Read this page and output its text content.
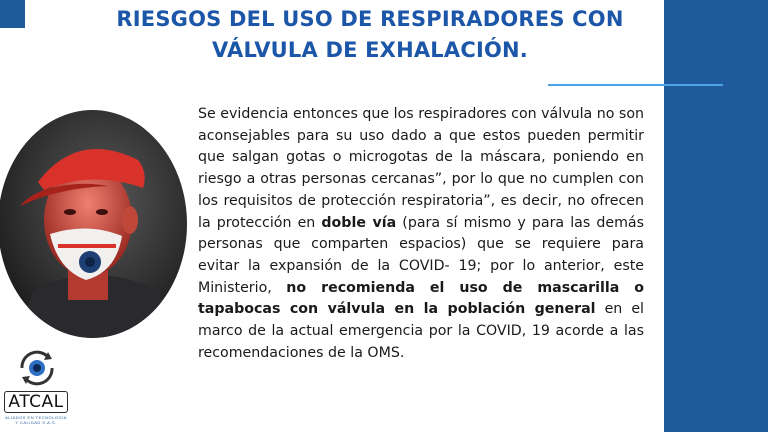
RIESGOS DEL USO DE RESPIRADORES CON
VÁLVULA DE EXHALACIÓN.

Se evidencia entonces que los respiradores con válvula no son aconsejables para su uso dado a que estos pueden permitir que salgan gotas o microgotas de la máscara, poniendo en riesgo a otras personas cercanas”, por lo que no cumplen con los requisitos de protección respiratoria”, es decir, no ofrecen la protección en doble vía (para sí mismo y para las demás personas que comparten espacios) que se requiere para evitar la expansión de la COVID- 19; por lo anterior, este Ministerio, no recomienda el uso de mascarilla o tapabocas con válvula en la población general en el marco de la actual emergencia por la COVID, 19 acorde a las recomendaciones de la OMS.

ATCAL
ALIADOS EN TECNOLOGÍA Y CALIDAD S.A.S.
